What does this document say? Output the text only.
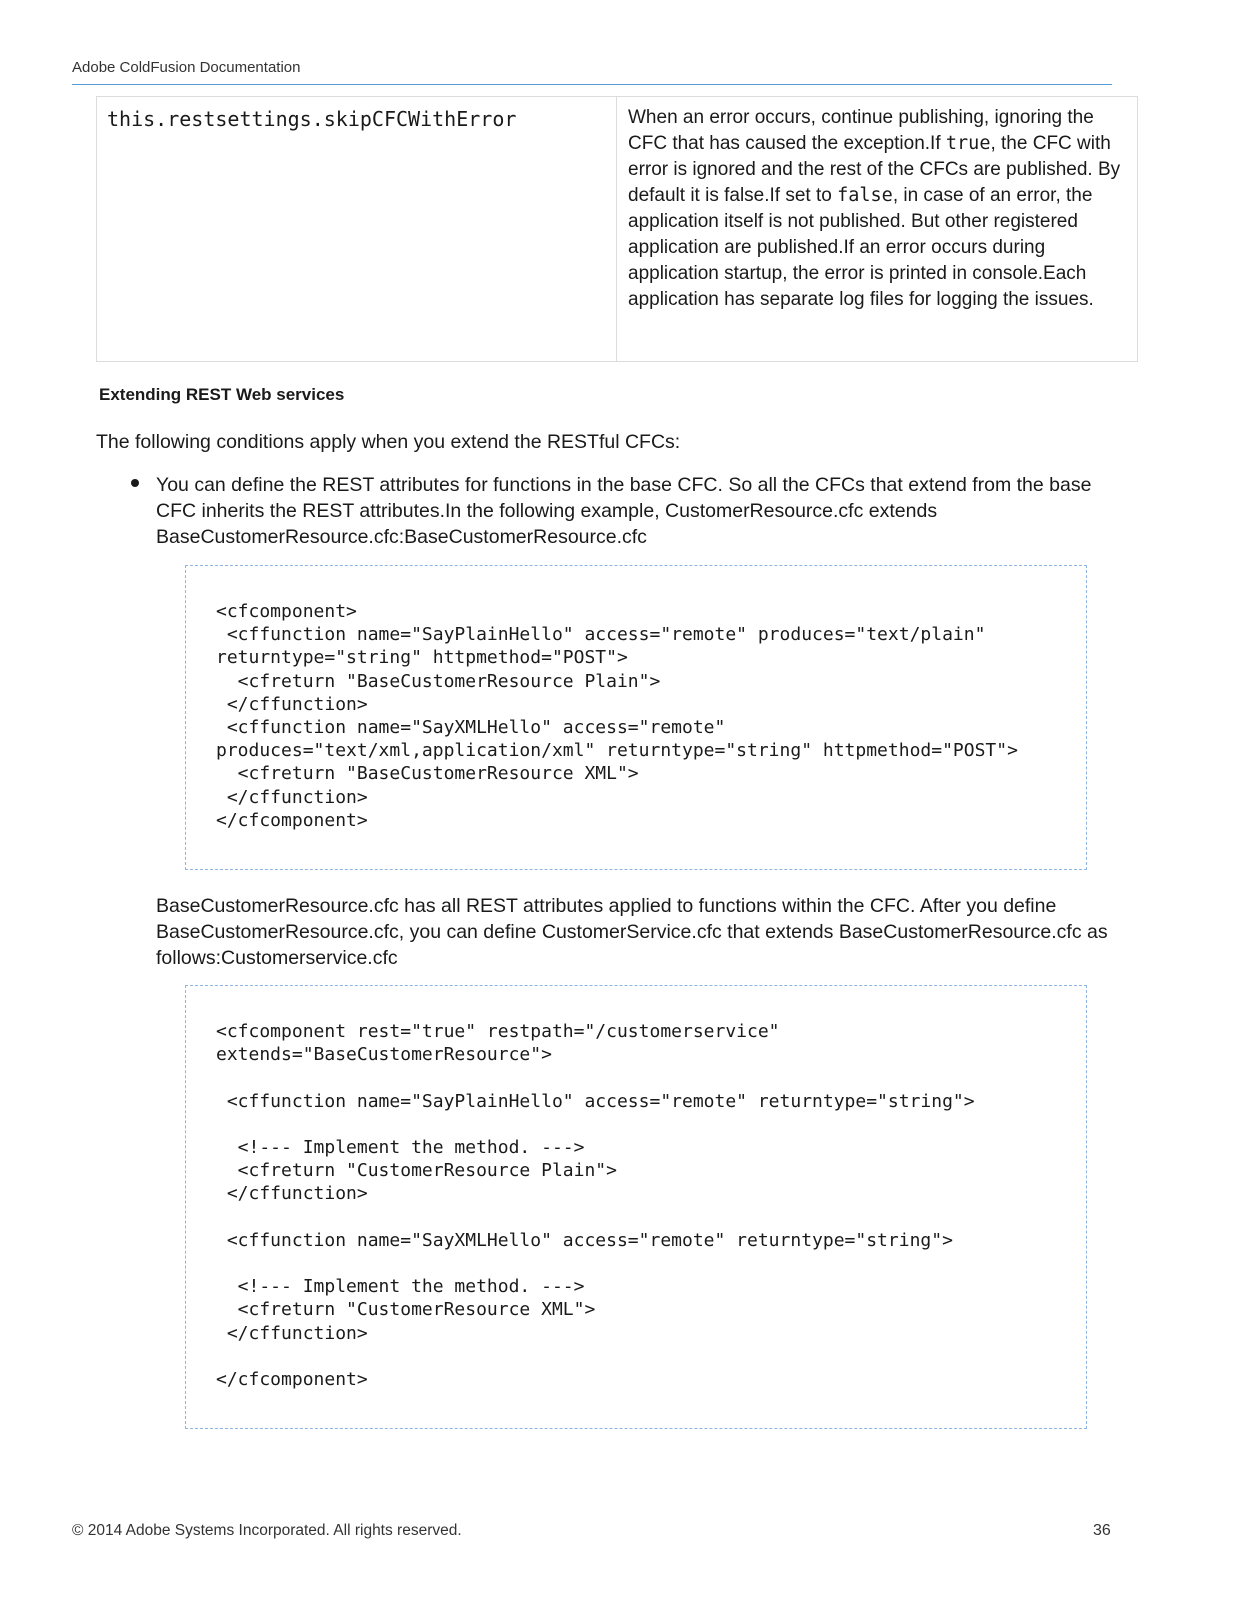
Adobe ColdFusion Documentation
this.restsettings.skipCFCWithError	When an error occurs, continue publishing, ignoring the CFC that has caused the exception.If true, the CFC with error is ignored and the rest of the CFCs are published. By default it is false.If set to false, in case of an error, the application itself is not published. But other registered application are published.If an error occurs during application startup, the error is printed in console.Each application has separate log files for logging the issues.
Extending REST Web services
The following conditions apply when you extend the RESTful CFCs:
You can define the REST attributes for functions in the base CFC. So all the CFCs that extend from the base CFC inherits the REST attributes.In the following example, CustomerResource.cfc extends BaseCustomerResource.cfc:BaseCustomerResource.cfc
<cfcomponent>
<cffunction name="SayPlainHello" access="remote" produces="text/plain"
returntype="string" httpmethod="POST">
<cfreturn "BaseCustomerResource Plain">
</cffunction>
<cffunction name="SayXMLHello" access="remote"
produces="text/xml,application/xml" returntype="string" httpmethod="POST">
<cfreturn "BaseCustomerResource XML">
</cffunction>
</cfcomponent>
BaseCustomerResource.cfc has all REST attributes applied to functions within the CFC. After you define BaseCustomerResource.cfc, you can define CustomerService.cfc that extends BaseCustomerResource.cfc as follows:Customerservice.cfc
<cfcomponent rest="true" restpath="/customerservice"
extends="BaseCustomerResource">

<cffunction name="SayPlainHello" access="remote" returntype="string">

<!--- Implement the method. --->
<cfreturn "CustomerResource Plain">
</cffunction>

<cffunction name="SayXMLHello" access="remote" returntype="string">

<!--- Implement the method. --->
<cfreturn "CustomerResource XML">
</cffunction>

</cfcomponent>
© 2014 Adobe Systems Incorporated. All rights reserved.	36
